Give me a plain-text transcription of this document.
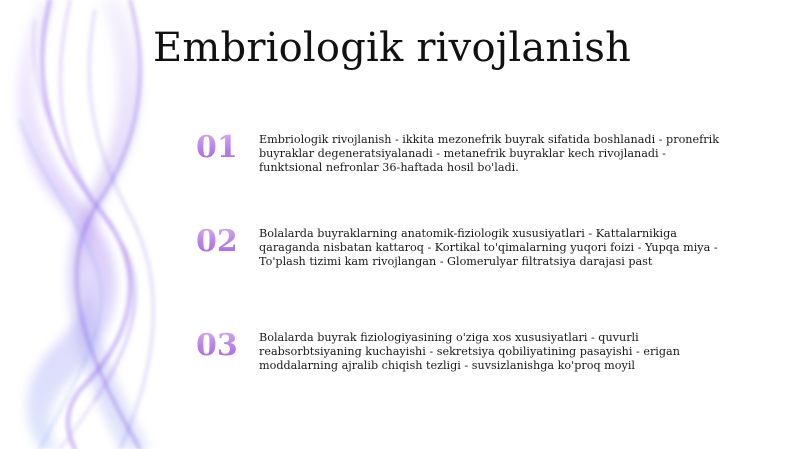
Embriologik rivojlanish
01	Embriologik rivojlanish - ikkita mezonefrik buyrak sifatida boshlanadi - pronefrik buyraklar degeneratsiyalanadi - metanefrik buyraklar kech rivojlanadi - funktsional nefronlar 36-haftada hosil bo'ladi.

02	Bolalarda buyraklarning anatomik-fiziologik xususiyatlari - Kattalarnikiga qaraganda nisbatan kattaroq - Kortikal to'qimalarning yuqori foizi - Yupqa miya - To'plash tizimi kam rivojlangan - Glomerulyar filtratsiya darajasi past

03	Bolalarda buyrak fiziologiyasining o'ziga xos xususiyatlari - quvurli reabsorbtsiyaning kuchayishi - sekretsiya qobiliyatining pasayishi - erigan moddalarning ajralib chiqish tezligi - suvsizlanishga ko'proq moyil
